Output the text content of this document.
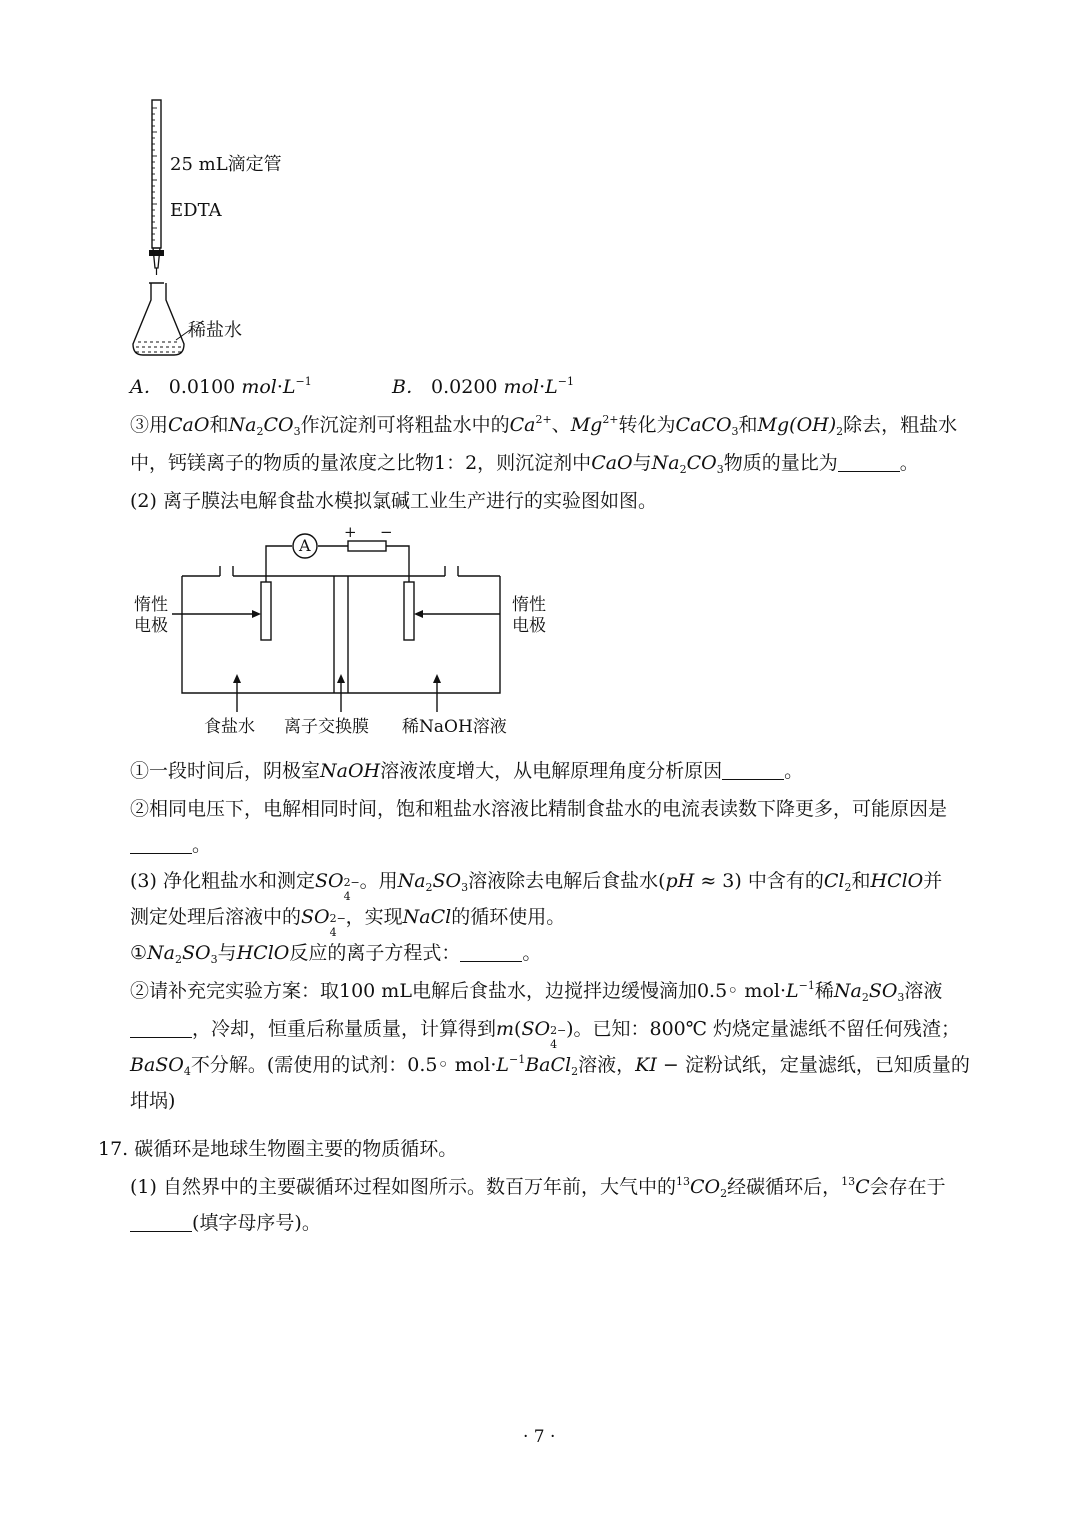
25 mL滴定管
EDTA
稀盐水
A． 0.0100 $mol\cdot L^{-1}$	B． 0.0200 $mol\cdot L^{-1}$
③用CaO和$Na_2CO_3$作沉淀剂可将粗盐水中的$Ca^{2+}$、$Mg^{2+}$转化为CaCO$_3$和$Mg(OH)_2$除去，粗盐水
中，钙镁离子的物质的量浓度之比物1：2，则沉淀剂中CaO与$Na_2CO_3$物质的量比为	。
(2) 离子膜法电解食盐水模拟氯碱工业生产进行的实验图如图。
A
+ −
惰性
电极
惰性
电极
食盐水 离子交换膜 稀NaOH溶液
①一段时间后，阴极室NaOH溶液浓度增大，从电解原理角度分析原因	。
②相同电压下，电解相同时间，饱和粗盐水溶液比精制食盐水的电流表读数下降更多，可能原因是
。
(3) 净化粗盐水和测定SO 2−
4
。用$Na_2SO_3$溶液除去电解后食盐水(pH ≈ 3) 中含有的$Cl_2$和HClO并
测定处理后溶液中的SO 2−
4
，实现NaCl的循环使用。
$①Na_2SO_3$与HClO反应的离子方程式：	。
②请补充完实验方案：取100 mL电解后食盐水，边搅拌边缓慢滴加0.5◦ $mol\cdot L^{-1}$稀$Na_2SO_3$溶液
，冷却，恒重后称量质量，计算得到m(SO 2−
4
)。已知：800℃ 灼烧定量滤纸不留任何残渣；
BaSO$_4$不分解。(需使用的试剂：0.5◦ $mol\cdot L^{-1}BaCl_2$溶液，KI − 淀粉试纸，定量滤纸，已知质量的
坩埚)
17. 碳循环是地球生物圈主要的物质循环。
(1) 自然界中的主要碳循环过程如图所示。数百万年前，大气中的$^{13}CO_2$经碳循环后，$^{13}$C会存在于
(填字母序号)。
· 7 ·
